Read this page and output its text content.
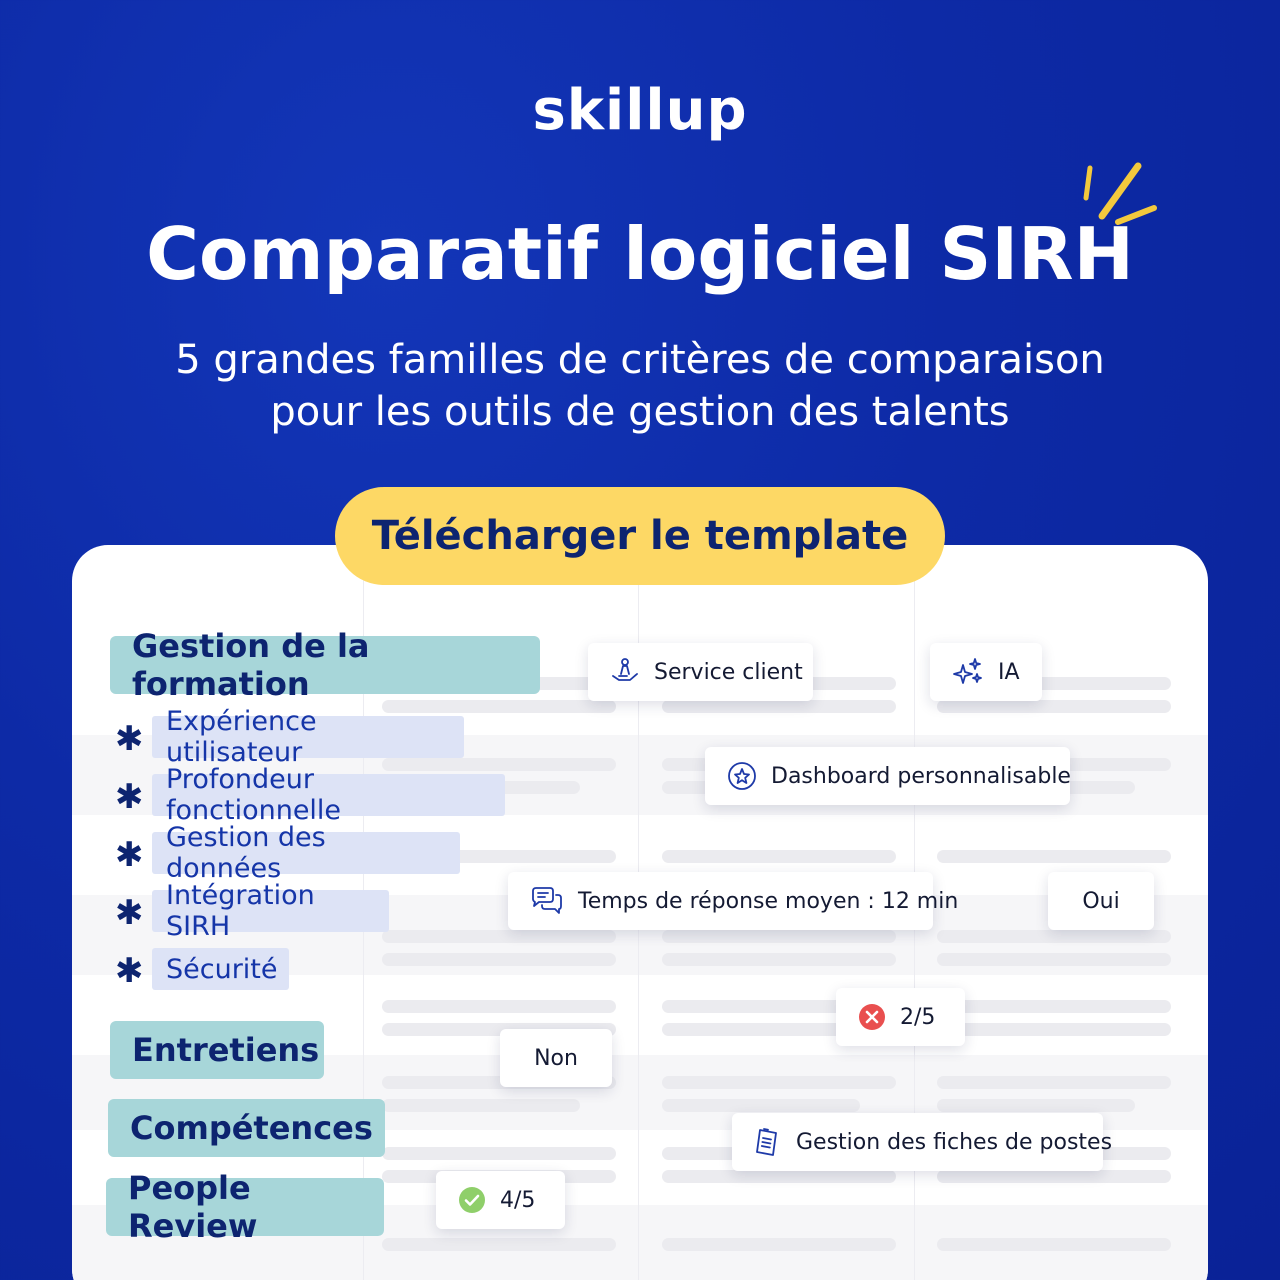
skillup
Comparatif logiciel SIRH
5 grandes familles de critères de comparaison
pour les outils de gestion des talents
Télécharger le template
Gestion de la formation
Entretiens
Compétences
People Review
✱ Expérience utilisateur
✱ Profondeur fonctionnelle
✱ Gestion des données
✱ Intégration SIRH
✱ Sécurité
Service client	IA
Dashboard personnalisable
Temps de réponse moyen : 12 min	Oui
2/5
Non
Gestion des fiches de postes
4/5
